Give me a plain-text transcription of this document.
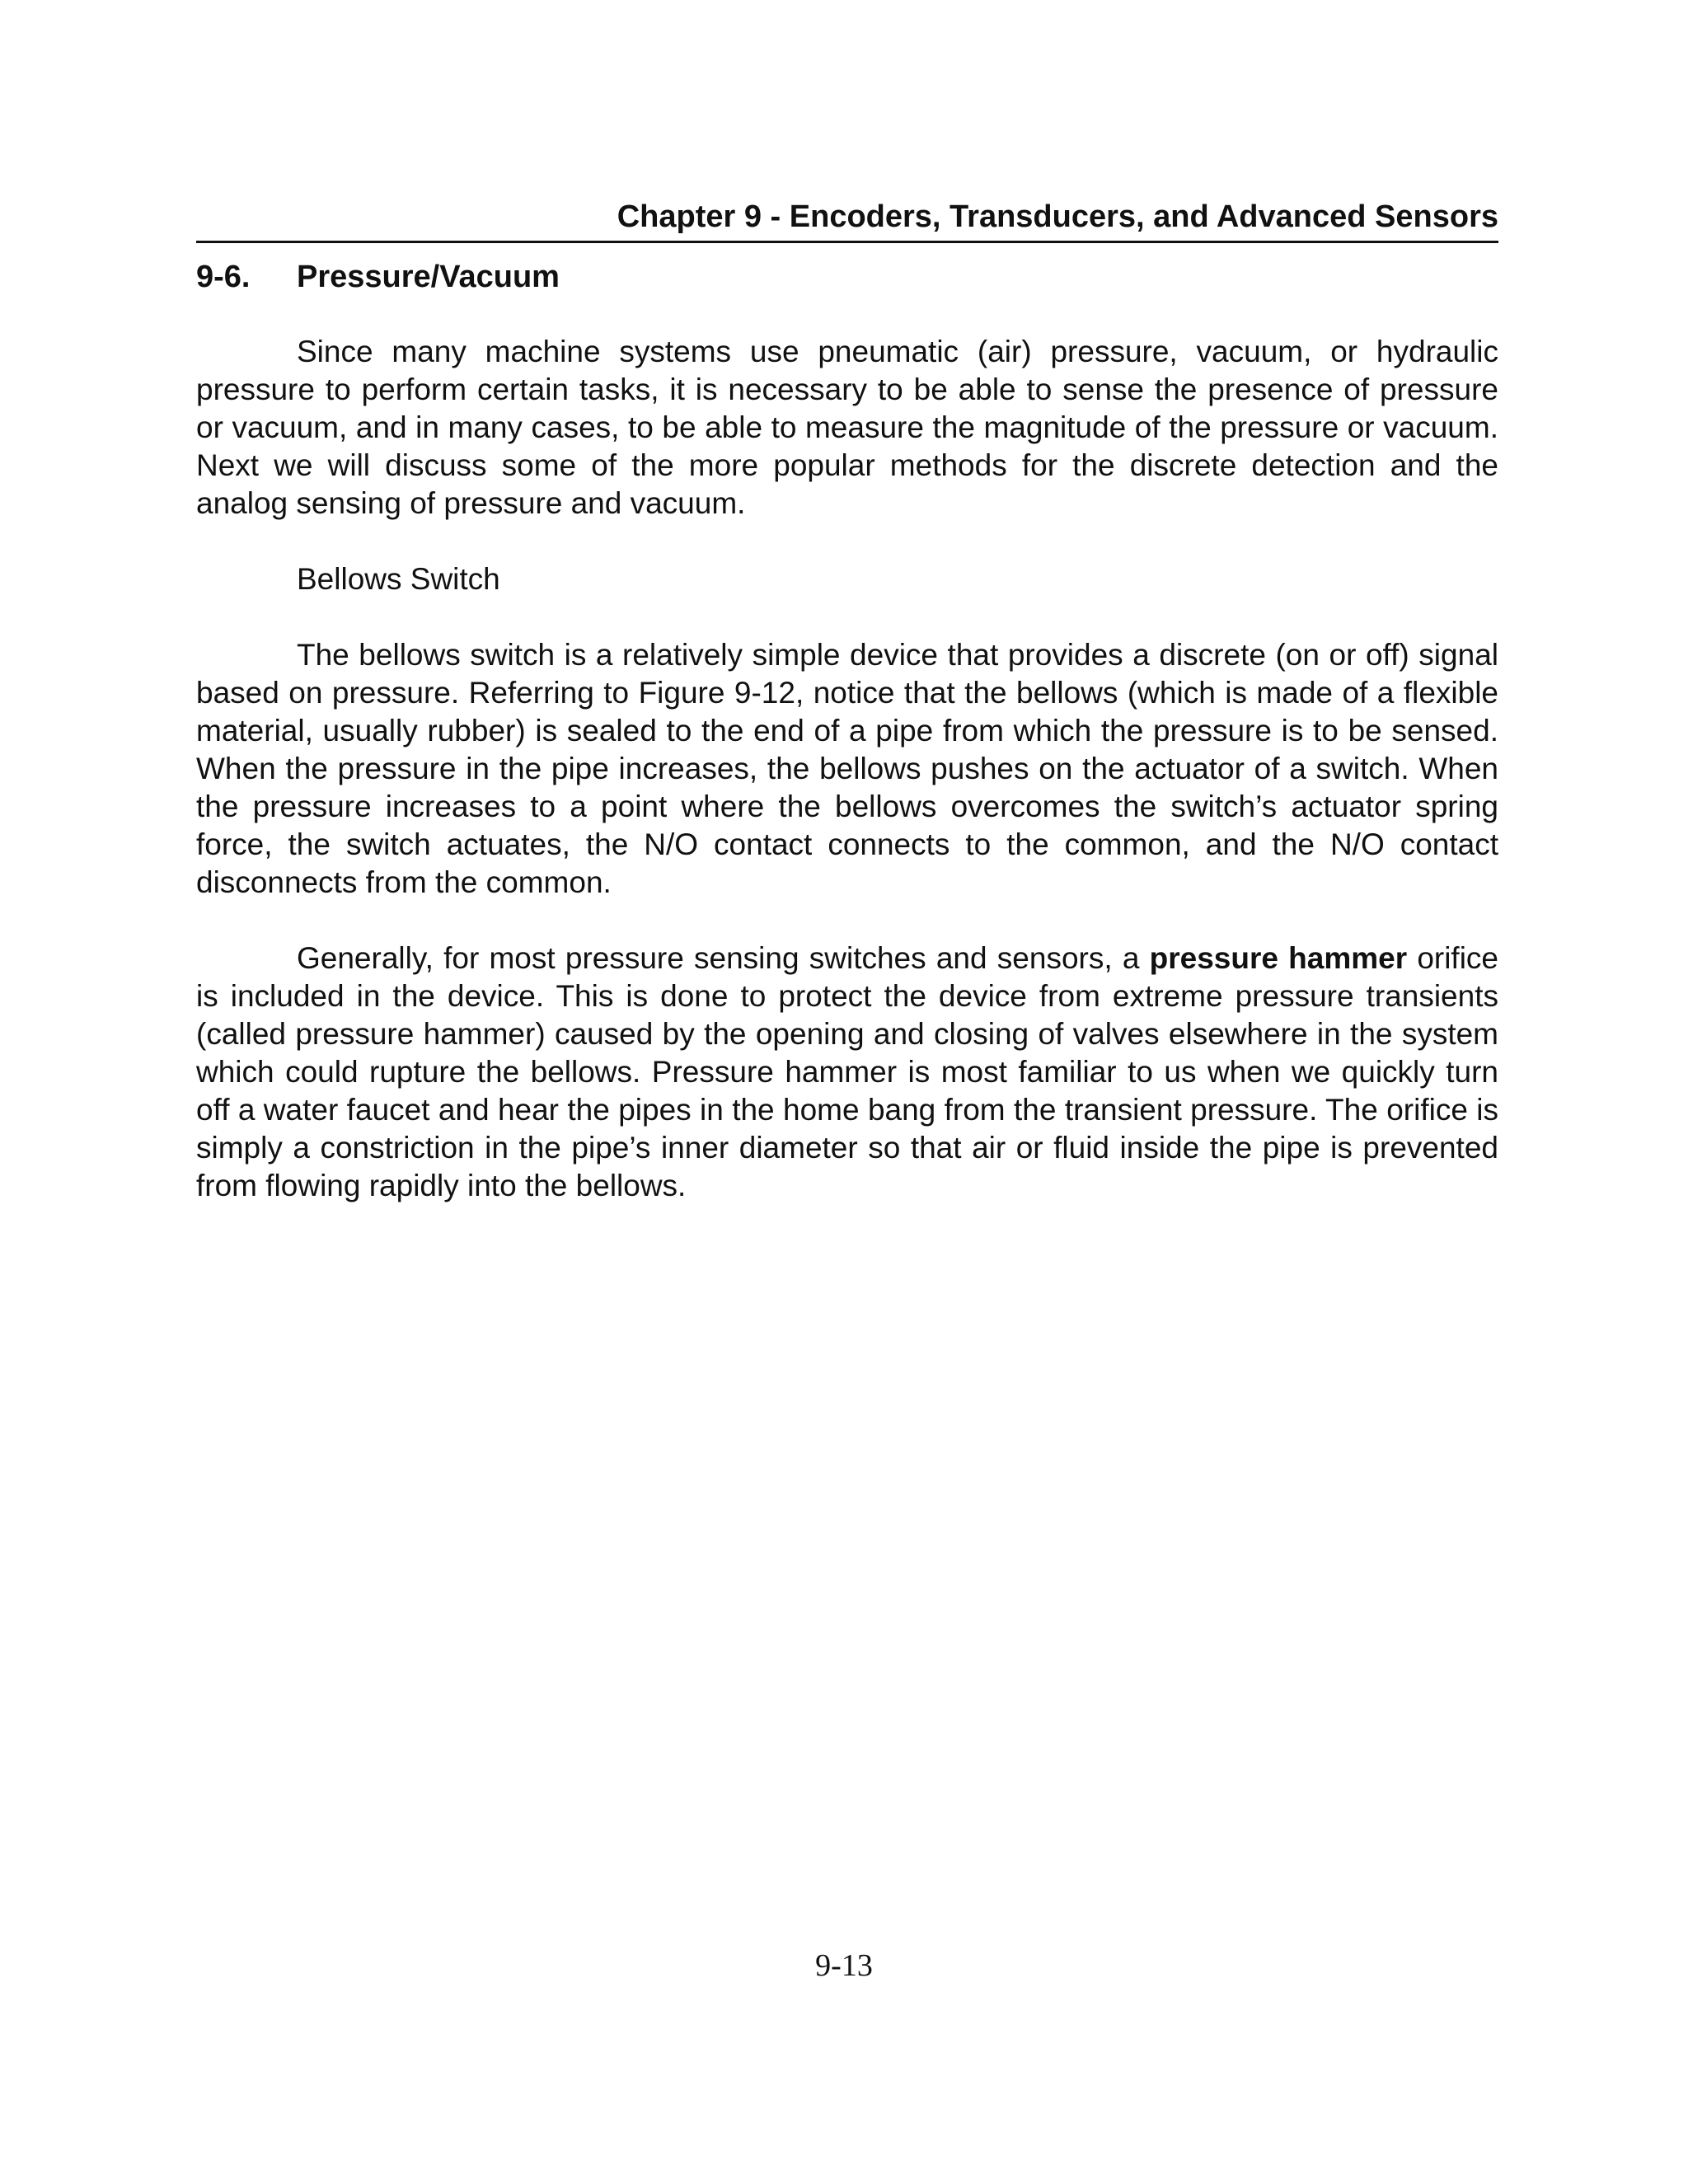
Chapter 9 - Encoders, Transducers, and Advanced Sensors
9-6. Pressure/Vacuum

Since many machine systems use pneumatic (air) pressure, vacuum, or hydraulic pressure to perform certain tasks, it is necessary to be able to sense the presence of pressure or vacuum, and in many cases, to be able to measure the magnitude of the pressure or vacuum. Next we will discuss some of the more popular methods for the discrete detection and the analog sensing of pressure and vacuum.

Bellows Switch

The bellows switch is a relatively simple device that provides a discrete (on or off) signal based on pressure. Referring to Figure 9-12, notice that the bellows (which is made of a flexible material, usually rubber) is sealed to the end of a pipe from which the pressure is to be sensed. When the pressure in the pipe increases, the bellows pushes on the actuator of a switch. When the pressure increases to a point where the bellows overcomes the switch’s actuator spring force, the switch actuates, the N/O contact connects to the common, and the N/O contact disconnects from the common.

Generally, for most pressure sensing switches and sensors, a pressure hammer orifice is included in the device. This is done to protect the device from extreme pressure transients (called pressure hammer) caused by the opening and closing of valves elsewhere in the system which could rupture the bellows. Pressure hammer is most familiar to us when we quickly turn off a water faucet and hear the pipes in the home bang from the transient pressure. The orifice is simply a constriction in the pipe’s inner diameter so that air or fluid inside the pipe is prevented from flowing rapidly into the bellows.

9-13
